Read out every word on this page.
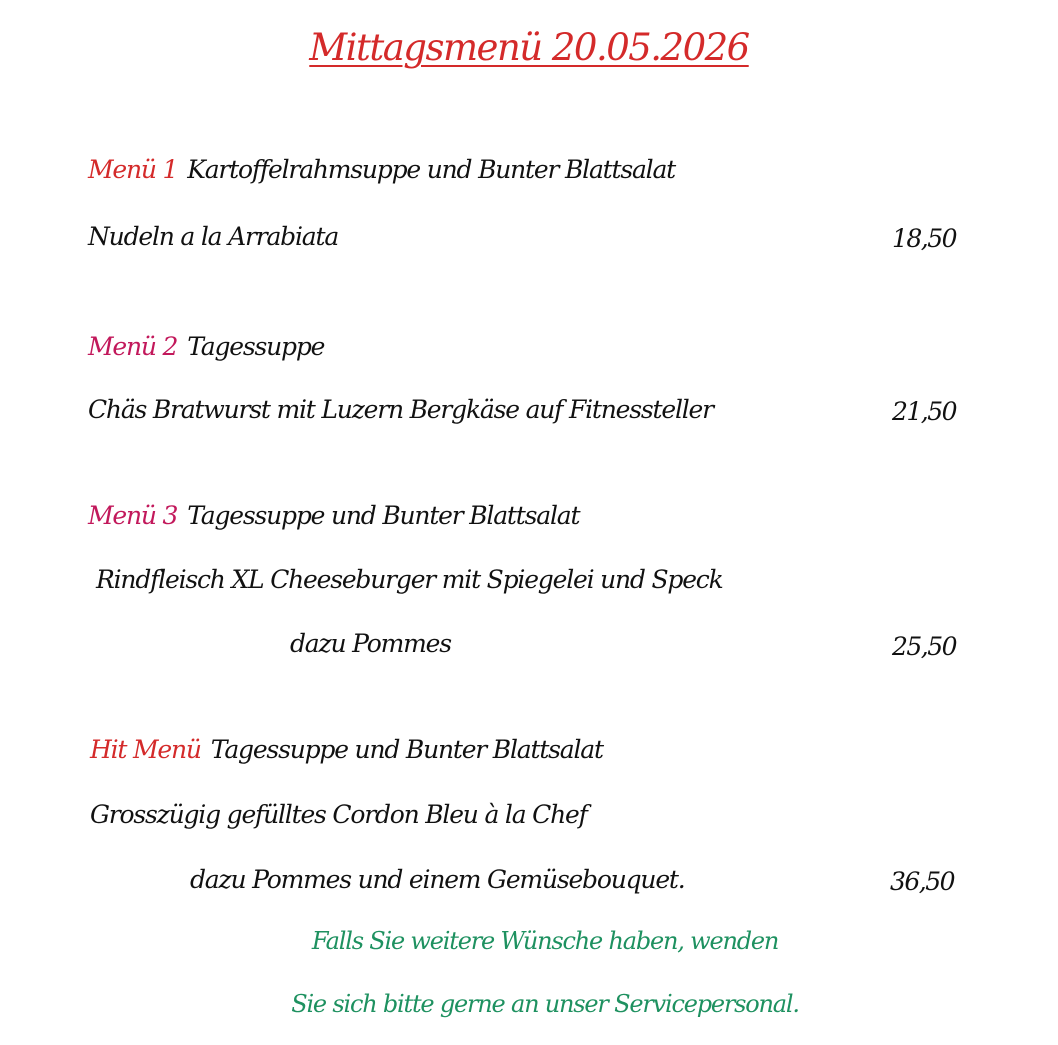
Mittagsmenü 20.05.2026
Menü 1 Kartoffelrahmsuppe und Bunter Blattsalat
Nudeln a la Arrabiata	18,50
Menü 2 Tagessuppe
Chäs Bratwurst mit Luzern Bergkäse auf Fitnessteller	21,50
Menü 3 Tagessuppe und Bunter Blattsalat
Rindfleisch XL Cheeseburger mit Spiegelei und Speck
dazu Pommes	25,50
Hit Menü Tagessuppe und Bunter Blattsalat
Grosszügig gefülltes Cordon Bleu à la Chef
dazu Pommes und einem Gemüsebouquet.	36,50
Falls Sie weitere Wünsche haben, wenden
Sie sich bitte gerne an unser Servicepersonal.
